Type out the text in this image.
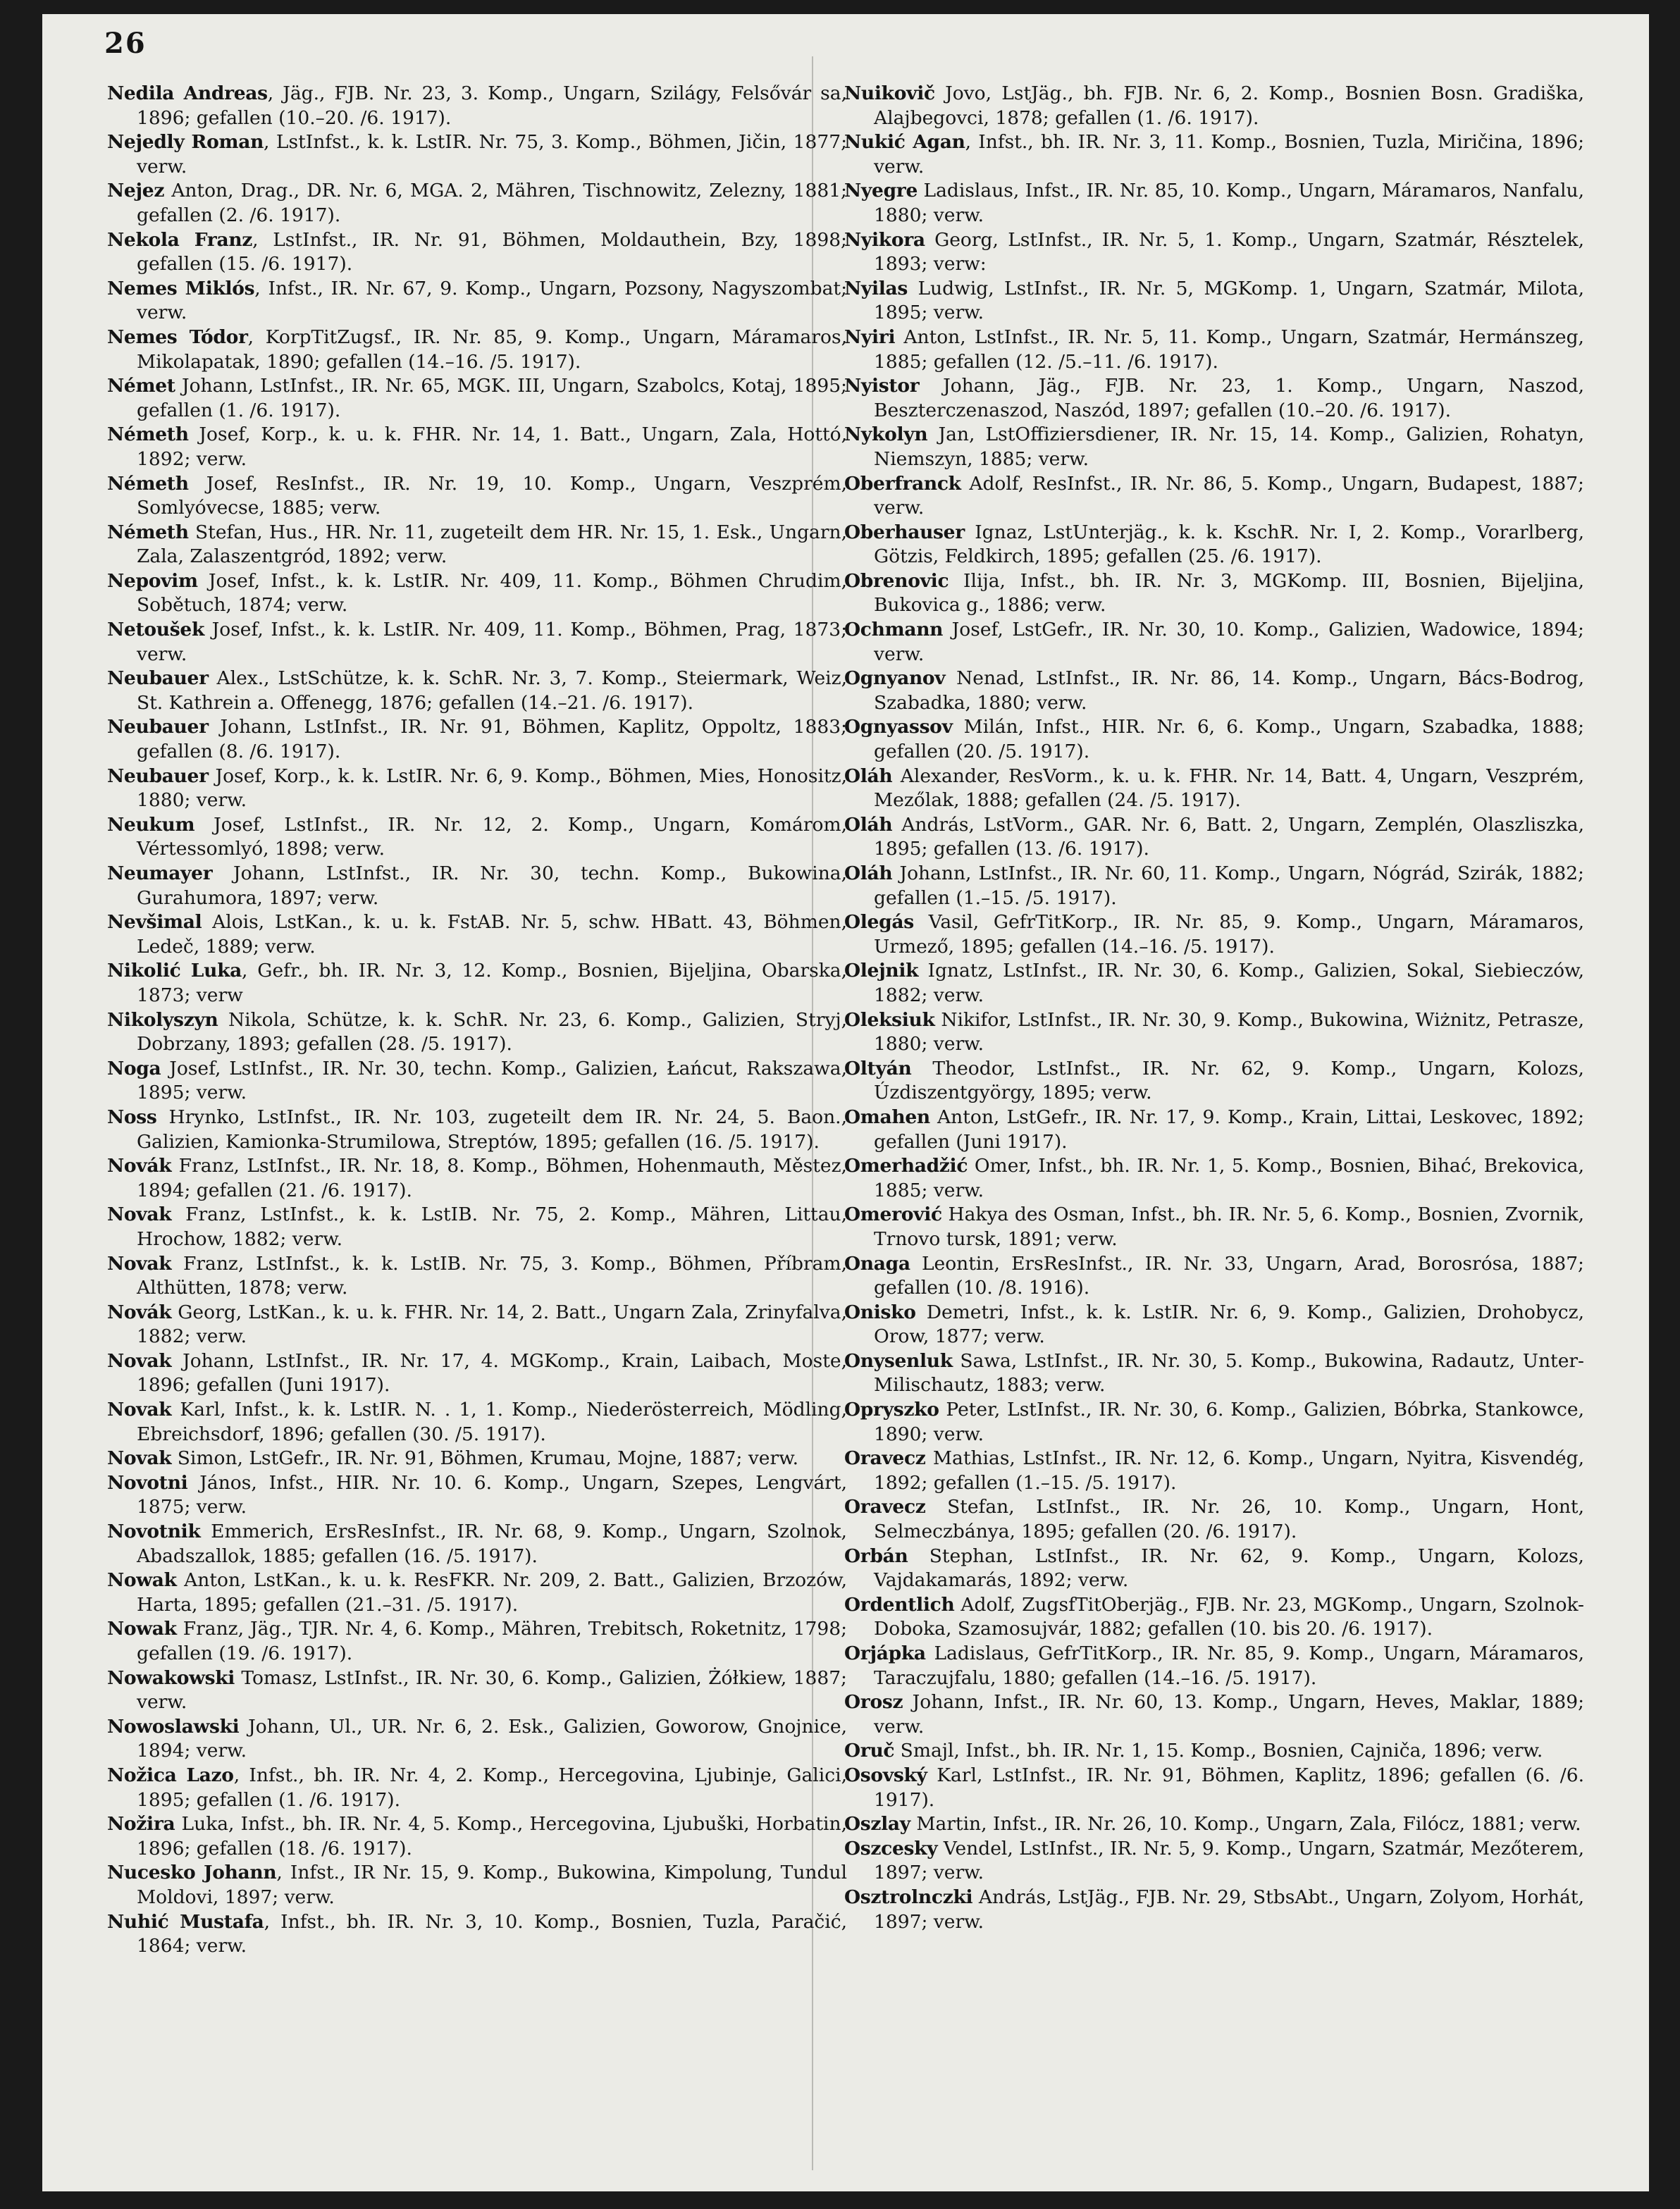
26

Nedila Andreas, Jäg., FJB. Nr. 23, 3. Komp., Ungarn, Szilágy, Felsővár sa, 1896; gefallen (10.–20. /6. 1917).

Nejedly Roman, LstInfst., k. k. LstIR. Nr. 75, 3. Komp., Böhmen, Jičin, 1877; verw.

Nejez Anton, Drag., DR. Nr. 6, MGA. 2, Mähren, Tischnowitz, Zelezny, 1881; gefallen (2. /6. 1917).

Nekola Franz, LstInfst., IR. Nr. 91, Böhmen, Moldauthein, Bzy, 1898; gefallen (15. /6. 1917).

Nemes Miklós, Infst., IR. Nr. 67, 9. Komp., Ungarn, Pozsony, Nagyszombat; verw.

Nemes Tódor, KorpTitZugsf., IR. Nr. 85, 9. Komp., Ungarn, Máramaros, Mikolapatak, 1890; gefallen (14.–16. /5. 1917).

Német Johann, LstInfst., IR. Nr. 65, MGK. III, Ungarn, Szabolcs, Kotaj, 1895; gefallen (1. /6. 1917).

Németh Josef, Korp., k. u. k. FHR. Nr. 14, 1. Batt., Ungarn, Zala, Hottó, 1892; verw.

Németh Josef, ResInfst., IR. Nr. 19, 10. Komp., Ungarn, Veszprém, Somlyóvecse, 1885; verw.

Németh Stefan, Hus., HR. Nr. 11, zugeteilt dem HR. Nr. 15, 1. Esk., Ungarn, Zala, Zalaszentgród, 1892; verw.

Nepovim Josef, Infst., k. k. LstIR. Nr. 409, 11. Komp., Böhmen Chrudim, Sobětuch, 1874; verw.

Netoušek Josef, Infst., k. k. LstIR. Nr. 409, 11. Komp., Böhmen, Prag, 1873; verw.

Neubauer Alex., LstSchütze, k. k. SchR. Nr. 3, 7. Komp., Steiermark, Weiz, St. Kathrein a. Offenegg, 1876; gefallen (14.–21. /6. 1917).

Neubauer Johann, LstInfst., IR. Nr. 91, Böhmen, Kaplitz, Oppoltz, 1883; gefallen (8. /6. 1917).

Neubauer Josef, Korp., k. k. LstIR. Nr. 6, 9. Komp., Böhmen, Mies, Honositz, 1880; verw.

Neukum Josef, LstInfst., IR. Nr. 12, 2. Komp., Ungarn, Komárom, Vértessomlyó, 1898; verw.

Neumayer Johann, LstInfst., IR. Nr. 30, techn. Komp., Bukowina, Gurahumora, 1897; verw.

Nevšimal Alois, LstKan., k. u. k. FstAB. Nr. 5, schw. HBatt. 43, Böhmen, Ledeč, 1889; verw.

Nikolić Luka, Gefr., bh. IR. Nr. 3, 12. Komp., Bosnien, Bijeljina, Obarska, 1873; verw

Nikolyszyn Nikola, Schütze, k. k. SchR. Nr. 23, 6. Komp., Galizien, Stryj, Dobrzany, 1893; gefallen (28. /5. 1917).

Noga Josef, LstInfst., IR. Nr. 30, techn. Komp., Galizien, Łańcut, Rakszawa, 1895; verw.

Noss Hrynko, LstInfst., IR. Nr. 103, zugeteilt dem IR. Nr. 24, 5. Baon., Galizien, Kamionka-Strumilowa, Streptów, 1895; gefallen (16. /5. 1917).

Novák Franz, LstInfst., IR. Nr. 18, 8. Komp., Böhmen, Hohenmauth, Městez, 1894; gefallen (21. /6. 1917).

Novak Franz, LstInfst., k. k. LstIB. Nr. 75, 2. Komp., Mähren, Littau, Hrochow, 1882; verw.

Novak Franz, LstInfst., k. k. LstIB. Nr. 75, 3. Komp., Böhmen, Příbram, Althütten, 1878; verw.

Novák Georg, LstKan., k. u. k. FHR. Nr. 14, 2. Batt., Ungarn Zala, Zrinyfalva, 1882; verw.

Novak Johann, LstInfst., IR. Nr. 17, 4. MGKomp., Krain, Laibach, Moste, 1896; gefallen (Juni 1917).

Novak Karl, Infst., k. k. LstIR. N. . 1, 1. Komp., Niederösterreich, Mödling, Ebreichsdorf, 1896; gefallen (30. /5. 1917).

Novak Simon, LstGefr., IR. Nr. 91, Böhmen, Krumau, Mojne, 1887; verw.

Novotni János, Infst., HIR. Nr. 10. 6. Komp., Ungarn, Szepes, Lengvárt, 1875; verw.

Novotnik Emmerich, ErsResInfst., IR. Nr. 68, 9. Komp., Ungarn, Szolnok, Abadszallok, 1885; gefallen (16. /5. 1917).

Nowak Anton, LstKan., k. u. k. ResFKR. Nr. 209, 2. Batt., Galizien, Brzozów, Harta, 1895; gefallen (21.–31. /5. 1917).

Nowak Franz, Jäg., TJR. Nr. 4, 6. Komp., Mähren, Trebitsch, Roketnitz, 1798; gefallen (19. /6. 1917).

Nowakowski Tomasz, LstInfst., IR. Nr. 30, 6. Komp., Galizien, Żółkiew, 1887; verw.

Nowoslawski Johann, Ul., UR. Nr. 6, 2. Esk., Galizien, Goworow, Gnojnice, 1894; verw.

Nožica Lazo, Infst., bh. IR. Nr. 4, 2. Komp., Hercegovina, Ljubinje, Galici, 1895; gefallen (1. /6. 1917).

Nožira Luka, Infst., bh. IR. Nr. 4, 5. Komp., Hercegovina, Ljubuški, Horbatin, 1896; gefallen (18. /6. 1917).

Nucesko Johann, Infst., IR Nr. 15, 9. Komp., Bukowina, Kimpolung, Tundul Moldovi, 1897; verw.

Nuhić Mustafa, Infst., bh. IR. Nr. 3, 10. Komp., Bosnien, Tuzla, Paračić, 1864; verw.

Nuikovič Jovo, LstJäg., bh. FJB. Nr. 6, 2. Komp., Bosnien Bosn. Gradiška, Alajbegovci, 1878; gefallen (1. /6. 1917).

Nukić Agan, Infst., bh. IR. Nr. 3, 11. Komp., Bosnien, Tuzla, Miričina, 1896; verw.

Nyegre Ladislaus, Infst., IR. Nr. 85, 10. Komp., Ungarn, Máramaros, Nanfalu, 1880; verw.

Nyikora Georg, LstInfst., IR. Nr. 5, 1. Komp., Ungarn, Szatmár, Résztelek, 1893; verw:

Nyilas Ludwig, LstInfst., IR. Nr. 5, MGKomp. 1, Ungarn, Szatmár, Milota, 1895; verw.

Nyiri Anton, LstInfst., IR. Nr. 5, 11. Komp., Ungarn, Szatmár, Hermánszeg, 1885; gefallen (12. /5.–11. /6. 1917).

Nyistor Johann, Jäg., FJB. Nr. 23, 1. Komp., Ungarn, Naszod, Beszterczenaszod, Naszód, 1897; gefallen (10.–20. /6. 1917).

Nykolyn Jan, LstOffiziersdiener, IR. Nr. 15, 14. Komp., Galizien, Rohatyn, Niemszyn, 1885; verw.

Oberfranck Adolf, ResInfst., IR. Nr. 86, 5. Komp., Ungarn, Budapest, 1887; verw.

Oberhauser Ignaz, LstUnterjäg., k. k. KschR. Nr. I, 2. Komp., Vorarlberg, Götzis, Feldkirch, 1895; gefallen (25. /6. 1917).

Obrenovic Ilija, Infst., bh. IR. Nr. 3, MGKomp. III, Bosnien, Bijeljina, Bukovica g., 1886; verw.

Ochmann Josef, LstGefr., IR. Nr. 30, 10. Komp., Galizien, Wadowice, 1894; verw.

Ognyanov Nenad, LstInfst., IR. Nr. 86, 14. Komp., Ungarn, Bács-Bodrog, Szabadka, 1880; verw.

Ognyassov Milán, Infst., HIR. Nr. 6, 6. Komp., Ungarn, Szabadka, 1888; gefallen (20. /5. 1917).

Oláh Alexander, ResVorm., k. u. k. FHR. Nr. 14, Batt. 4, Ungarn, Veszprém, Mezőlak, 1888; gefallen (24. /5. 1917).

Oláh András, LstVorm., GAR. Nr. 6, Batt. 2, Ungarn, Zemplén, Olaszliszka, 1895; gefallen (13. /6. 1917).

Oláh Johann, LstInfst., IR. Nr. 60, 11. Komp., Ungarn, Nógrád, Szirák, 1882; gefallen (1.–15. /5. 1917).

Olegás Vasil, GefrTitKorp., IR. Nr. 85, 9. Komp., Ungarn, Máramaros, Urmező, 1895; gefallen (14.–16. /5. 1917).

Olejnik Ignatz, LstInfst., IR. Nr. 30, 6. Komp., Galizien, Sokal, Siebieczów, 1882; verw.

Oleksiuk Nikifor, LstInfst., IR. Nr. 30, 9. Komp., Bukowina, Wiżnitz, Petrasze, 1880; verw.

Oltyán Theodor, LstInfst., IR. Nr. 62, 9. Komp., Ungarn, Kolozs, Úzdiszentgyörgy, 1895; verw.

Omahen Anton, LstGefr., IR. Nr. 17, 9. Komp., Krain, Littai, Leskovec, 1892; gefallen (Juni 1917).

Omerhadžić Omer, Infst., bh. IR. Nr. 1, 5. Komp., Bosnien, Bihać, Brekovica, 1885; verw.

Omerović Hakya des Osman, Infst., bh. IR. Nr. 5, 6. Komp., Bosnien, Zvornik, Trnovo tursk, 1891; verw.

Onaga Leontin, ErsResInfst., IR. Nr. 33, Ungarn, Arad, Borosrósa, 1887; gefallen (10. /8. 1916).

Onisko Demetri, Infst., k. k. LstIR. Nr. 6, 9. Komp., Galizien, Drohobycz, Orow, 1877; verw.

Onysenluk Sawa, LstInfst., IR. Nr. 30, 5. Komp., Bukowina, Radautz, Unter-Milischautz, 1883; verw.

Opryszko Peter, LstInfst., IR. Nr. 30, 6. Komp., Galizien, Bóbrka, Stankowce, 1890; verw.

Oravecz Mathias, LstInfst., IR. Nr. 12, 6. Komp., Ungarn, Nyitra, Kisvendég, 1892; gefallen (1.–15. /5. 1917).

Oravecz Stefan, LstInfst., IR. Nr. 26, 10. Komp., Ungarn, Hont, Selmeczbánya, 1895; gefallen (20. /6. 1917).

Orbán Stephan, LstInfst., IR. Nr. 62, 9. Komp., Ungarn, Kolozs, Vajdakamarás, 1892; verw.

Ordentlich Adolf, ZugsfTitOberjäg., FJB. Nr. 23, MGKomp., Ungarn, Szolnok-Doboka, Szamosujvár, 1882; gefallen (10. bis 20. /6. 1917).

Orjápka Ladislaus, GefrTitKorp., IR. Nr. 85, 9. Komp., Ungarn, Máramaros, Taraczujfalu, 1880; gefallen (14.–16. /5. 1917).

Orosz Johann, Infst., IR. Nr. 60, 13. Komp., Ungarn, Heves, Maklar, 1889; verw.

Oruč Smajl, Infst., bh. IR. Nr. 1, 15. Komp., Bosnien, Cajniča, 1896; verw.

Osovský Karl, LstInfst., IR. Nr. 91, Böhmen, Kaplitz, 1896; gefallen (6. /6. 1917).

Oszlay Martin, Infst., IR. Nr. 26, 10. Komp., Ungarn, Zala, Filócz, 1881; verw.

Oszcesky Vendel, LstInfst., IR. Nr. 5, 9. Komp., Ungarn, Szatmár, Mezőterem, 1897; verw.

Osztrolnczki András, LstJäg., FJB. Nr. 29, StbsAbt., Ungarn, Zolyom, Horhát, 1897; verw.
